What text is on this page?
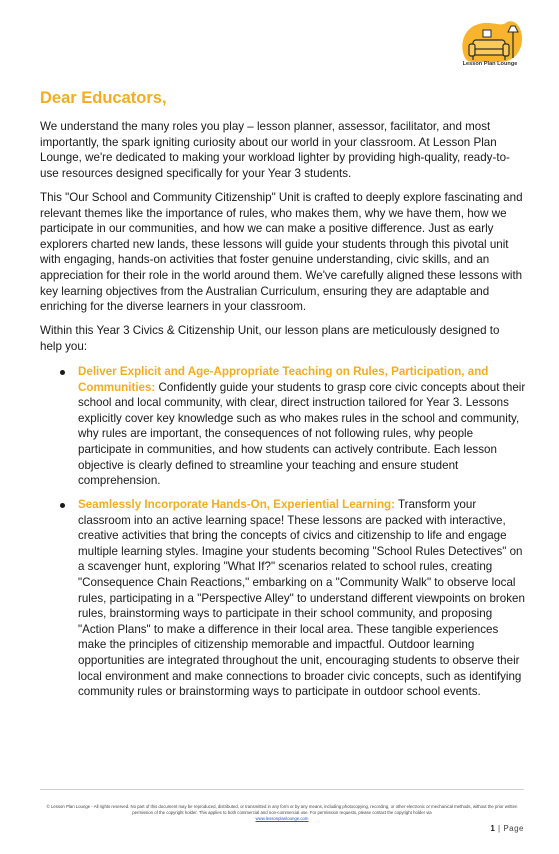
Lesson Plan Lounge
Dear Educators,

We understand the many roles you play – lesson planner, assessor, facilitator, and most importantly, the spark igniting curiosity about our world in your classroom. At Lesson Plan Lounge, we're dedicated to making your workload lighter by providing high-quality, ready-to-use resources designed specifically for your Year 3 students.

This "Our School and Community Citizenship" Unit is crafted to deeply explore fascinating and relevant themes like the importance of rules, who makes them, why we have them, how we participate in our communities, and how we can make a positive difference. Just as early explorers charted new lands, these lessons will guide your students through this pivotal unit with engaging, hands-on activities that foster genuine understanding, civic skills, and an appreciation for their role in the world around them. We've carefully aligned these lessons with key learning objectives from the Australian Curriculum, ensuring they are adaptable and enriching for the diverse learners in your classroom.

Within this Year 3 Civics & Citizenship Unit, our lesson plans are meticulously designed to help you:

Deliver Explicit and Age-Appropriate Teaching on Rules, Participation, and Communities: Confidently guide your students to grasp core civic concepts about their school and local community, with clear, direct instruction tailored for Year 3. Lessons explicitly cover key knowledge such as who makes rules in the school and community, why rules are important, the consequences of not following rules, why people participate in communities, and how students can actively contribute. Each lesson objective is clearly defined to streamline your teaching and ensure student comprehension.
Seamlessly Incorporate Hands-On, Experiential Learning: Transform your classroom into an active learning space! These lessons are packed with interactive, creative activities that bring the concepts of civics and citizenship to life and engage multiple learning styles. Imagine your students becoming "School Rules Detectives" on a scavenger hunt, exploring "What If?" scenarios related to school rules, creating "Consequence Chain Reactions," embarking on a "Community Walk" to observe local rules, participating in a "Perspective Alley" to understand different viewpoints on broken rules, brainstorming ways to participate in their school community, and proposing "Action Plans" to make a difference in their local area. These tangible experiences make the principles of citizenship memorable and impactful. Outdoor learning opportunities are integrated throughout the unit, encouraging students to observe their local environment and make connections to broader civic concepts, such as identifying community rules or brainstorming ways to participate in outdoor school events.
© Lesson Plan Lounge - All rights reserved. No part of this document may be reproduced, distributed, or transmitted in any form or by any means, including photocopying, recording, or other electronic or mechanical methods, without the prior written permission of the copyright holder. This applies to both commercial and non-commercial use. For permission requests, please contact the copyright holder via
www.lessonplanlounge.com
1 | Page
